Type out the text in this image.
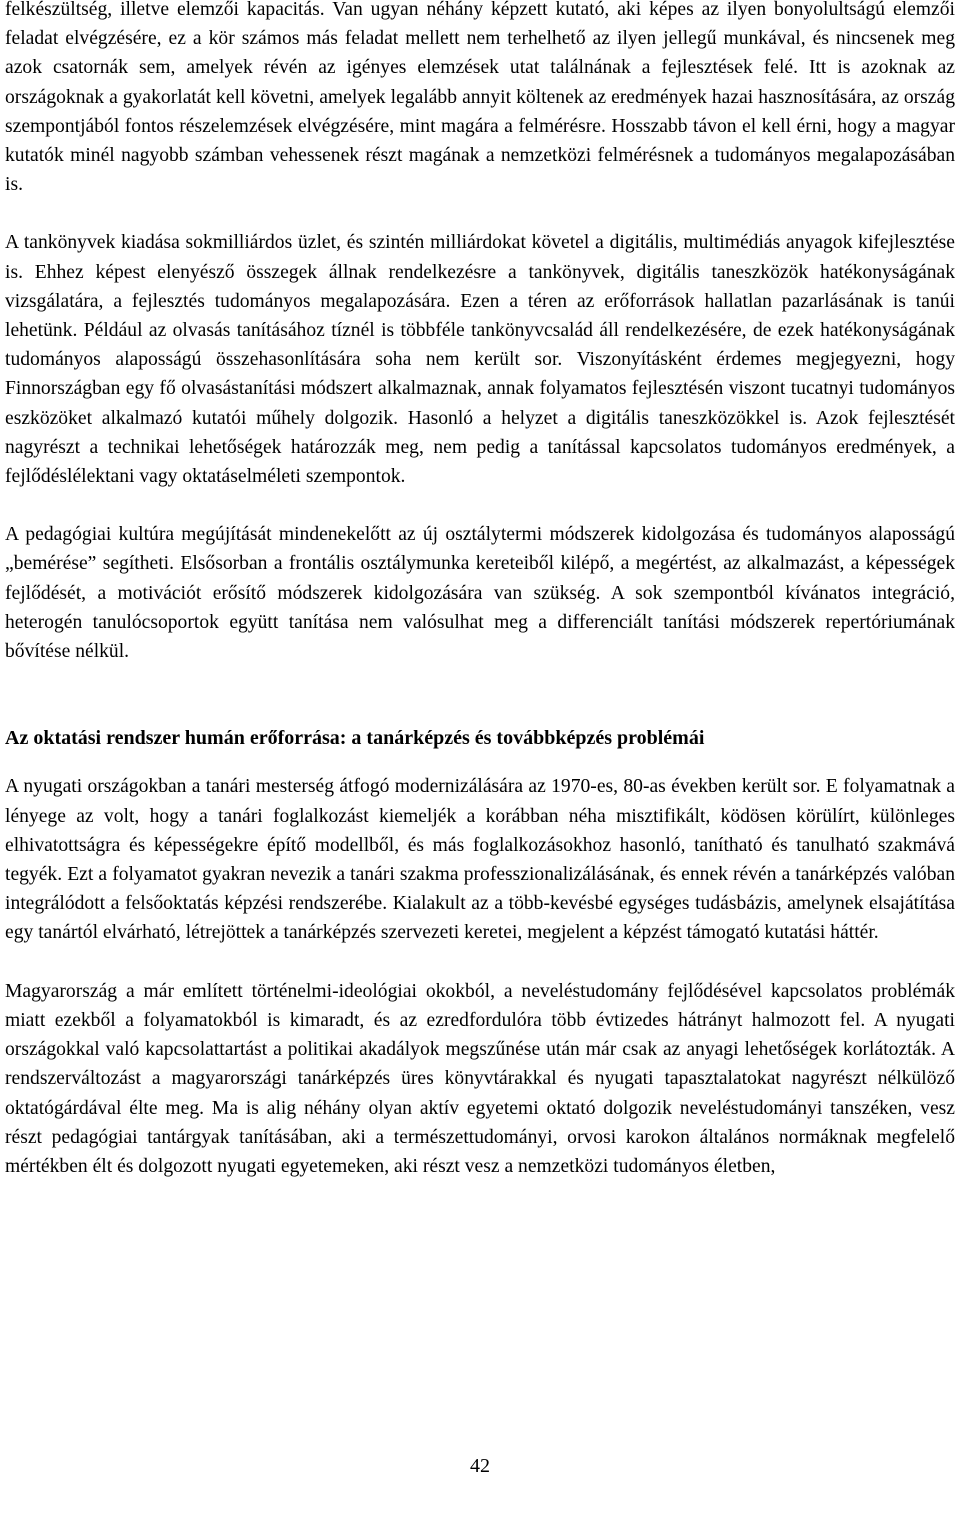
felkészültség, illetve elemzői kapacitás. Van ugyan néhány képzett kutató, aki képes az ilyen bonyolultságú elemzői feladat elvégzésére, ez a kör számos más feladat mellett nem terhelhető az ilyen jellegű munkával, és nincsenek meg azok csatornák sem, amelyek révén az igényes elemzések utat találnának a fejlesztések felé. Itt is azoknak az országoknak a gyakorlatát kell követni, amelyek legalább annyit költenek az eredmények hazai hasznosítására, az ország szempontjából fontos részelemzések elvégzésére, mint magára a felmérésre. Hosszabb távon el kell érni, hogy a magyar kutatók minél nagyobb számban vehessenek részt magának a nemzetközi felmérésnek a tudományos megalapozásában is.

A tankönyvek kiadása sokmilliárdos üzlet, és szintén milliárdokat követel a digitális, multimédiás anyagok kifejlesztése is. Ehhez képest elenyésző összegek állnak rendelkezésre a tankönyvek, digitális taneszközök hatékonyságának vizsgálatára, a fejlesztés tudományos megalapozására. Ezen a téren az erőforrások hallatlan pazarlásának is tanúi lehetünk. Például az olvasás tanításához tíznél is többféle tankönyvcsalád áll rendelkezésére, de ezek hatékonyságának tudományos alaposságú összehasonlítására soha nem került sor. Viszonyításként érdemes megjegyezni, hogy Finnországban egy fő olvasástanítási módszert alkalmaznak, annak folyamatos fejlesztésén viszont tucatnyi tudományos eszközöket alkalmazó kutatói műhely dolgozik. Hasonló a helyzet a digitális taneszközökkel is. Azok fejlesztését nagyrészt a technikai lehetőségek határozzák meg, nem pedig a tanítással kapcsolatos tudományos eredmények, a fejlődéslélektani vagy oktatáselméleti szempontok.

A pedagógiai kultúra megújítását mindenekelőtt az új osztálytermi módszerek kidolgozása és tudományos alaposságú „bemérése” segítheti. Elsősorban a frontális osztálymunka kereteiből kilépő, a megértést, az alkalmazást, a képességek fejlődését, a motivációt erősítő módszerek kidolgozására van szükség. A sok szempontból kívánatos integráció, heterogén tanulócsoportok együtt tanítása nem valósulhat meg a differenciált tanítási módszerek repertóriumának bővítése nélkül.

Az oktatási rendszer humán erőforrása: a tanárképzés és továbbképzés problémái

A nyugati országokban a tanári mesterség átfogó modernizálására az 1970-es, 80-as években került sor. E folyamatnak a lényege az volt, hogy a tanári foglalkozást kiemeljék a korábban néha misztifikált, ködösen körülírt, különleges elhivatottságra és képességekre építő modellből, és más foglalkozásokhoz hasonló, tanítható és tanulható szakmává tegyék. Ezt a folyamatot gyakran nevezik a tanári szakma professzionalizálásának, és ennek révén a tanárképzés valóban integrálódott a felsőoktatás képzési rendszerébe. Kialakult az a több-kevésbé egységes tudásbázis, amelynek elsajátítása egy tanártól elvárható, létrejöttek a tanárképzés szervezeti keretei, megjelent a képzést támogató kutatási háttér.

Magyarország a már említett történelmi-ideológiai okokból, a neveléstudomány fejlődésével kapcsolatos problémák miatt ezekből a folyamatokból is kimaradt, és az ezredfordulóra több évtizedes hátrányt halmozott fel. A nyugati országokkal való kapcsolattartást a politikai akadályok megszűnése után már csak az anyagi lehetőségek korlátozták. A rendszerváltozást a magyarországi tanárképzés üres könyvtárakkal és nyugati tapasztalatokat nagyrészt nélkülöző oktatógárdával élte meg. Ma is alig néhány olyan aktív egyetemi oktató dolgozik neveléstudományi tanszéken, vesz részt pedagógiai tantárgyak tanításában, aki a természettudományi, orvosi karokon általános normáknak megfelelő mértékben élt és dolgozott nyugati egyetemeken, aki részt vesz a nemzetközi tudományos életben,

42
